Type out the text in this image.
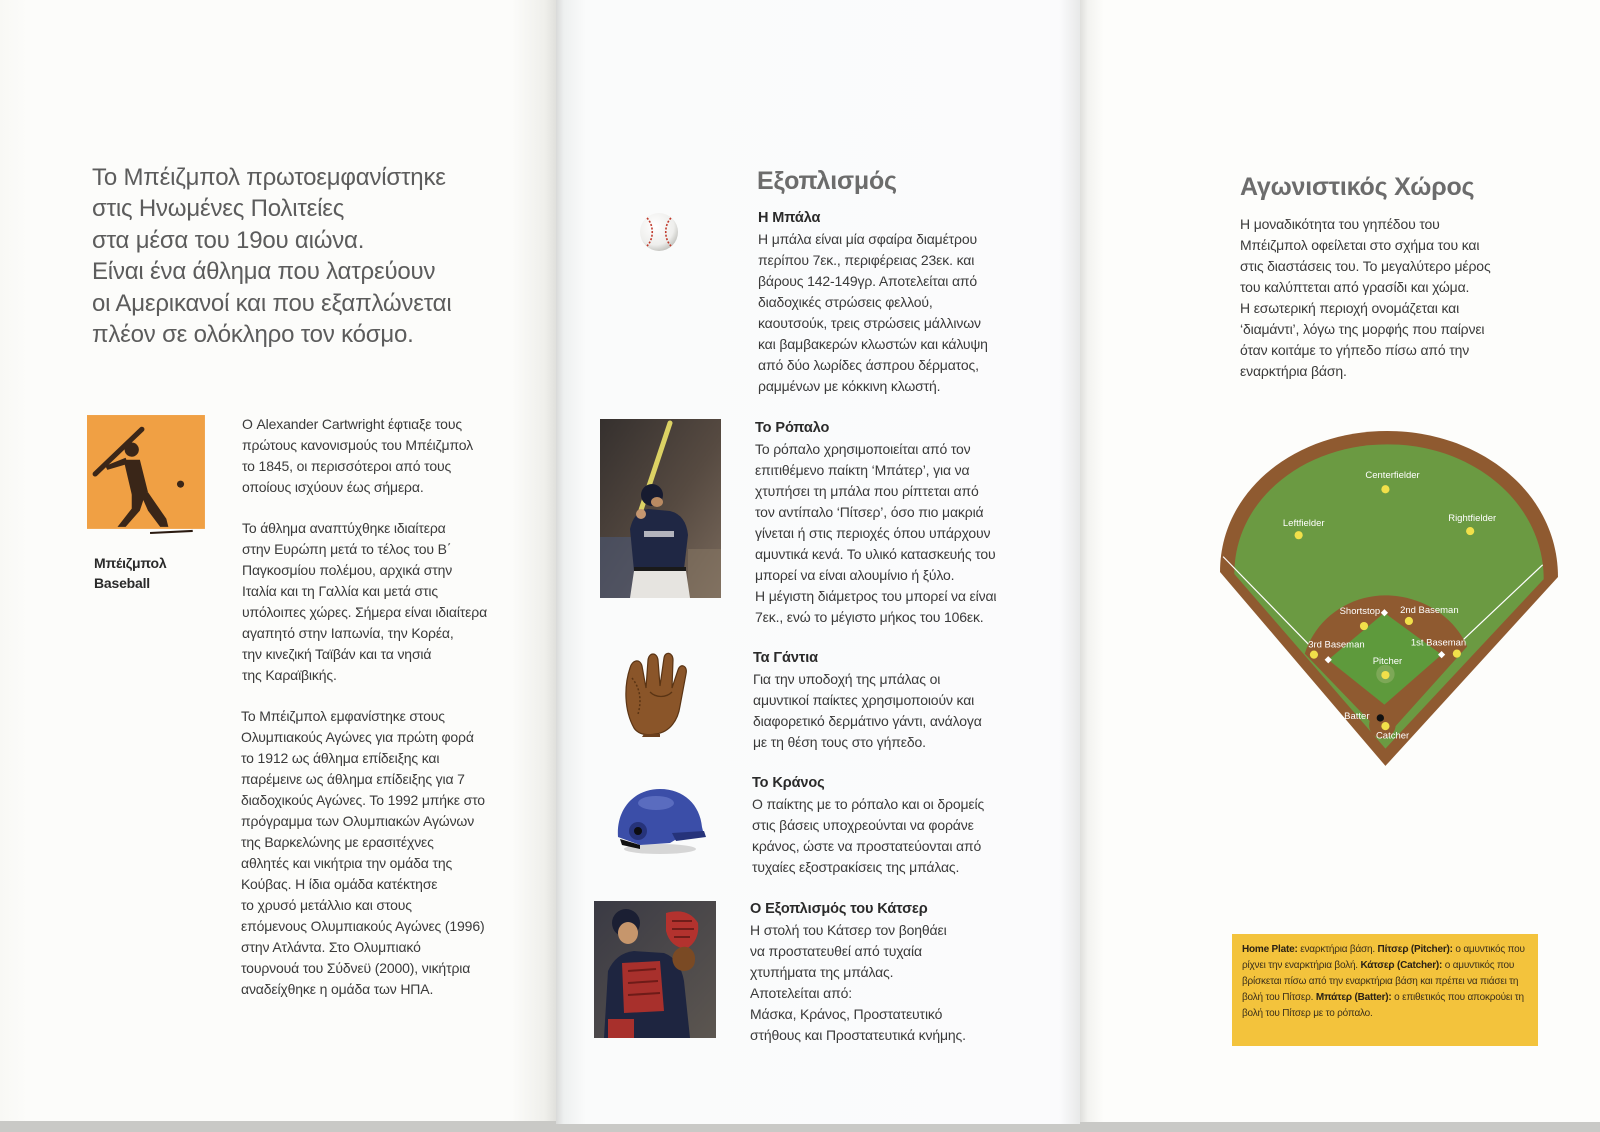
Το Μπέιζμπολ πρωτοεμφανίστηκε
στις Ηνωμένες Πολιτείες
στα μέσα του 19ου αιώνα.
Είναι ένα άθλημα που λατρεύουν
οι Αμερικανοί και που εξαπλώνεται
πλέον σε ολόκληρο τον κόσμο.
Μπέιζμπολ
Baseball
Ο Alexander Cartwright έφτιαξε τους
πρώτους κανονισμούς του Μπέιζμπολ
το 1845, οι περισσότεροι από τους
οποίους ισχύουν έως σήμερα.
Το άθλημα αναπτύχθηκε ιδιαίτερα
στην Ευρώπη μετά το τέλος του Β΄
Παγκοσμίου πολέμου, αρχικά στην
Ιταλία και τη Γαλλία και μετά στις
υπόλοιπες χώρες. Σήμερα είναι ιδιαίτερα
αγαπητό στην Ιαπωνία, την Κορέα,
την κινεζική Ταϊβάν και τα νησιά
της Καραϊβικής.
Το Μπέιζμπολ εμφανίστηκε στους
Ολυμπιακούς Αγώνες για πρώτη φορά
το 1912 ως άθλημα επίδειξης και
παρέμεινε ως άθλημα επίδειξης για 7
διαδοχικούς Αγώνες. Το 1992 μπήκε στο
πρόγραμμα των Ολυμπιακών Αγώνων
της Βαρκελώνης με ερασιτέχνες
αθλητές και νικήτρια την ομάδα της
Κούβας. Η ίδια ομάδα κατέκτησε
το χρυσό μετάλλιο και στους
επόμενους Ολυμπιακούς Αγώνες (1996)
στην Ατλάντα. Στο Ολυμπιακό
τουρνουά του Σύδνεϋ (2000), νικήτρια
αναδείχθηκε η ομάδα των ΗΠΑ.
Εξοπλισμός
Η Μπάλα
Η μπάλα είναι μία σφαίρα διαμέτρου
περίπου 7εκ., περιφέρειας 23εκ. και
βάρους 142-149γρ. Αποτελείται από
διαδοχικές στρώσεις φελλού,
καουτσούκ, τρεις στρώσεις μάλλινων
και βαμβακερών κλωστών και κάλυψη
από δύο λωρίδες άσπρου δέρματος,
ραμμένων με κόκκινη κλωστή.
Το Ρόπαλο
Το ρόπαλο χρησιμοποιείται από τον
επιτιθέμενο παίκτη ‘Μπάτερ’, για να
χτυπήσει τη μπάλα που ρίπτεται από
τον αντίπαλο ‘Πίτσερ’, όσο πιο μακριά
γίνεται ή στις περιοχές όπου υπάρχουν
αμυντικά κενά. Το υλικό κατασκευής του
μπορεί να είναι αλουμίνιο ή ξύλο.
Η μέγιστη διάμετρος του μπορεί να είναι
7εκ., ενώ το μέγιστο μήκος του 106εκ.
Τα Γάντια
Για την υποδοχή της μπάλας οι
αμυντικοί παίκτες χρησιμοποιούν και
διαφορετικό δερμάτινο γάντι, ανάλογα
με τη θέση τους στο γήπεδο.
Το Κράνος
Ο παίκτης με το ρόπαλο και οι δρομείς
στις βάσεις υποχρεούνται να φοράνε
κράνος, ώστε να προστατεύονται από
τυχαίες εξοστρακίσεις της μπάλας.
Ο Εξοπλισμός του Κάτσερ
Η στολή του Κάτσερ τον βοηθάει
να προστατευθεί από τυχαία
χτυπήματα της μπάλας.
Αποτελείται από:
Μάσκα, Κράνος, Προστατευτικό
στήθους και Προστατευτικά κνήμης.
Αγωνιστικός Χώρος
Η μοναδικότητα του γηπέδου του
Μπέιζμπολ οφείλεται στο σχήμα του και
στις διαστάσεις του. Το μεγαλύτερο μέρος
του καλύπτεται από γρασίδι και χώμα.
Η εσωτερική περιοχή ονομάζεται και
‘διαμάντι’, λόγω της μορφής που παίρνει
όταν κοιτάμε το γήπεδο πίσω από την
εναρκτήρια βάση.
Centerfielder
Leftfielder	Rightfielder
Shortstop 2nd Baseman
3rd Baseman	1st Baseman
Pitcher
Batter
Catcher
Home Plate: εναρκτήρια βάση. Πίτσερ (Pitcher): ο αμυντικός που ρίχνει την εναρκτήρια βολή. Κάτσερ (Catcher): ο αμυντικός που βρίσκεται πίσω από την εναρκτήρια βάση και πρέπει να πιάσει τη βολή του Πίτσερ. Μπάτερ (Batter): ο επιθετικός που αποκρούει τη βολή του Πίτσερ με το ρόπαλο.
